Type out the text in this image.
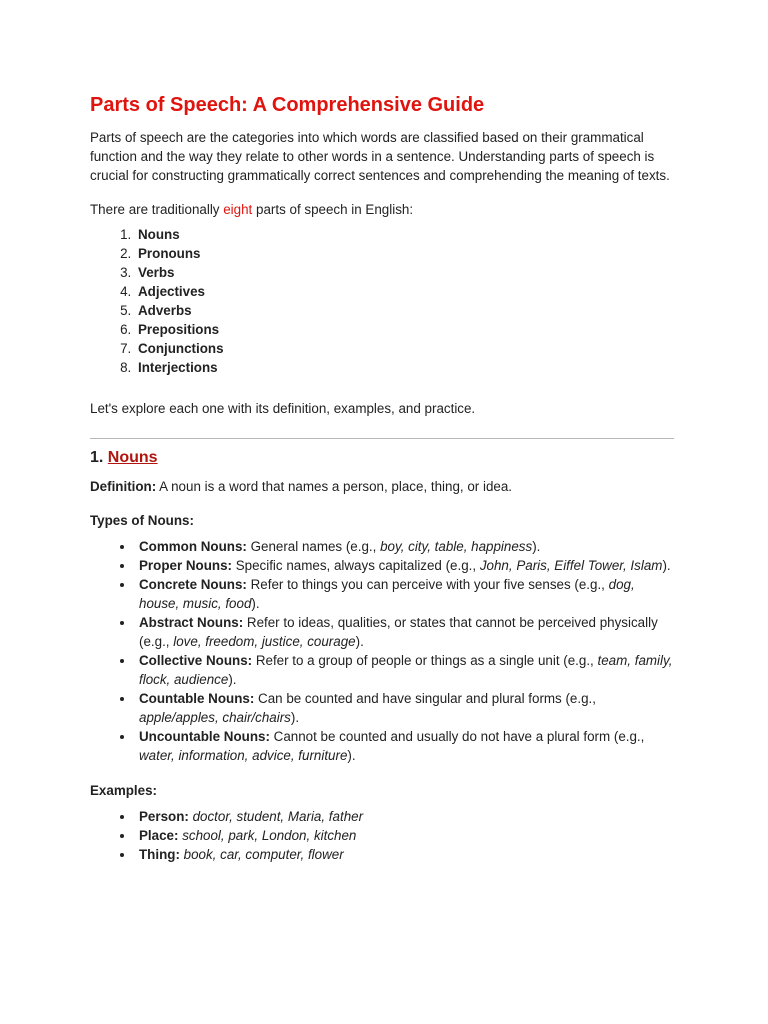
Parts of Speech: A Comprehensive Guide

Parts of speech are the categories into which words are classified based on their grammatical function and the way they relate to other words in a sentence. Understanding parts of speech is crucial for constructing grammatically correct sentences and comprehending the meaning of texts.

There are traditionally eight parts of speech in English:

1. Nouns
2. Pronouns
3. Verbs
4. Adjectives
5. Adverbs
6. Prepositions
7. Conjunctions
8. Interjections

Let's explore each one with its definition, examples, and practice.

1. Nouns

Definition: A noun is a word that names a person, place, thing, or idea.

Types of Nouns:

• Common Nouns: General names (e.g., boy, city, table, happiness).
• Proper Nouns: Specific names, always capitalized (e.g., John, Paris, Eiffel Tower, Islam).
• Concrete Nouns: Refer to things you can perceive with your five senses (e.g., dog, house, music, food).
• Abstract Nouns: Refer to ideas, qualities, or states that cannot be perceived physically (e.g., love, freedom, justice, courage).
• Collective Nouns: Refer to a group of people or things as a single unit (e.g., team, family, flock, audience).
• Countable Nouns: Can be counted and have singular and plural forms (e.g., apple/apples, chair/chairs).
• Uncountable Nouns: Cannot be counted and usually do not have a plural form (e.g., water, information, advice, furniture).

Examples:

• Person: doctor, student, Maria, father
• Place: school, park, London, kitchen
• Thing: book, car, computer, flower
